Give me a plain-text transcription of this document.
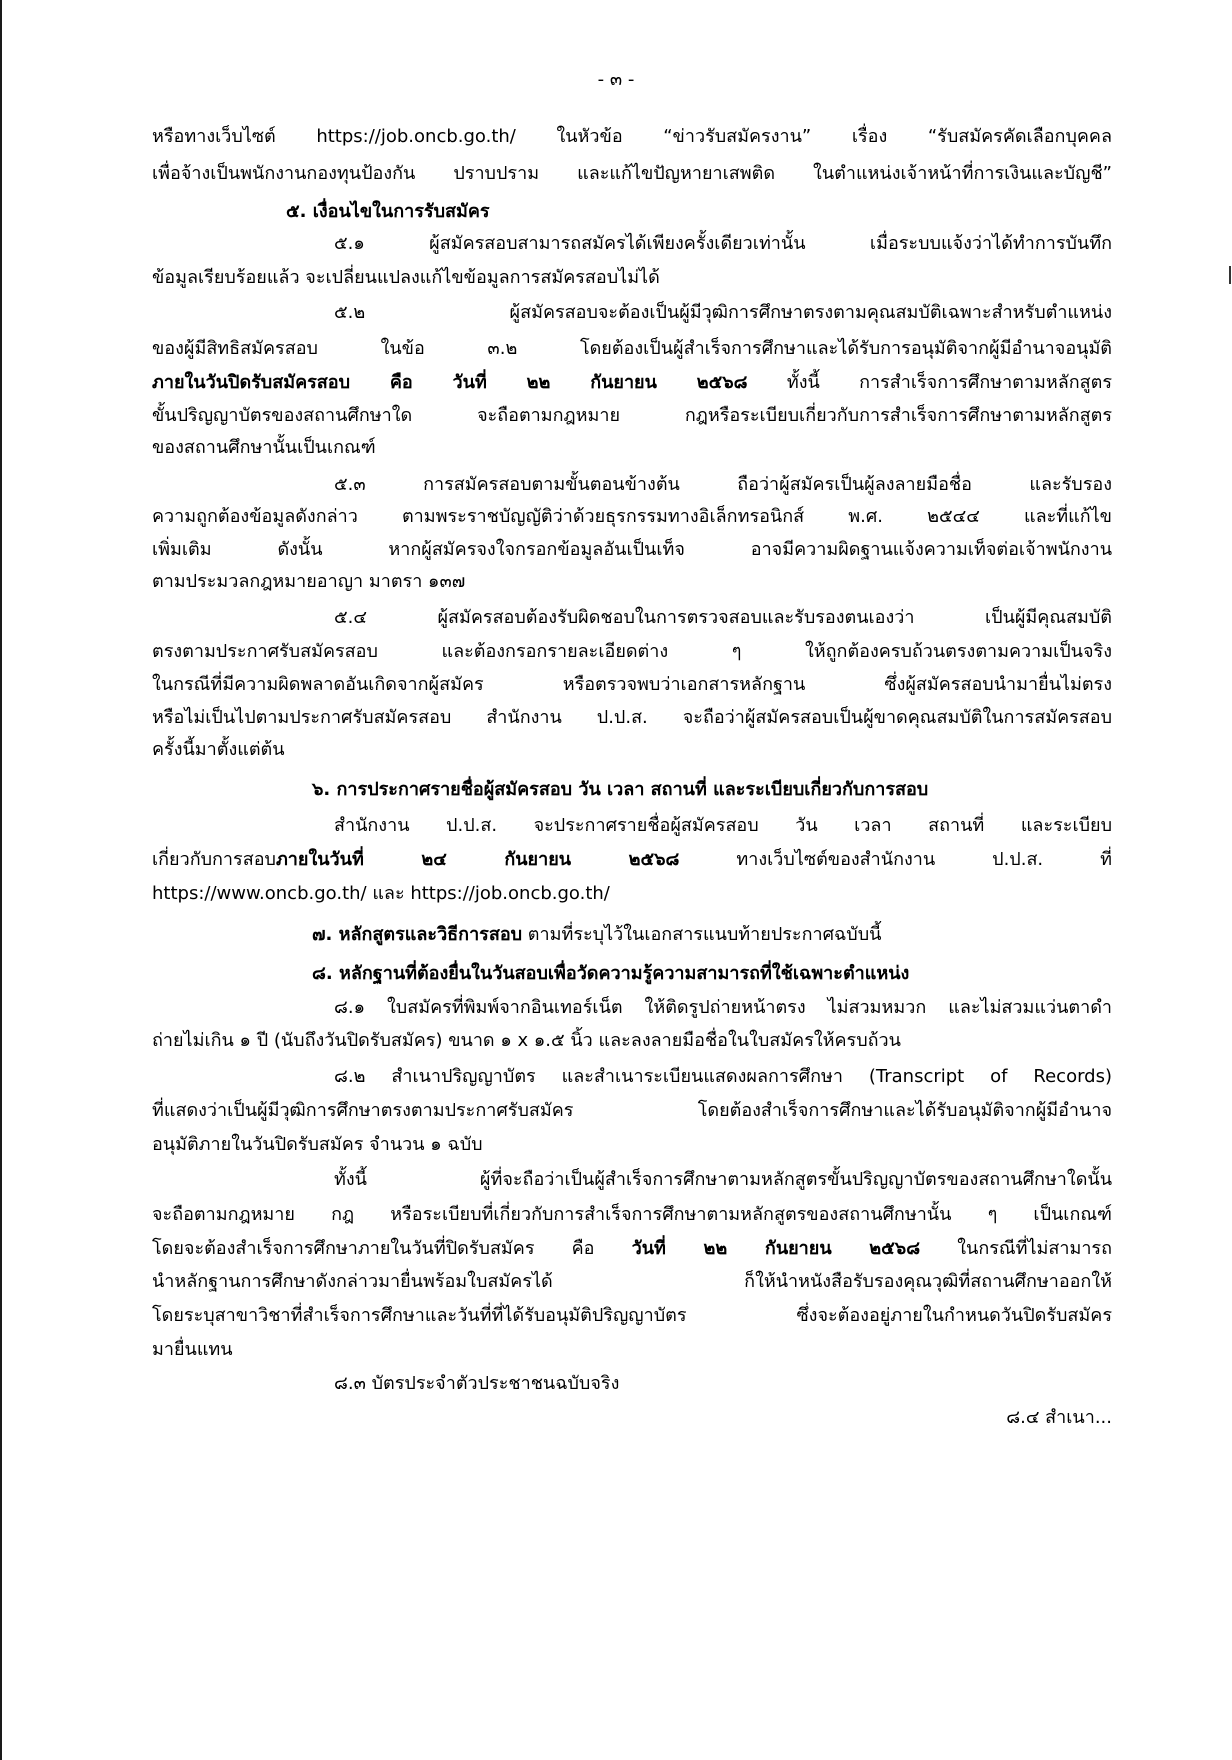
- ๓ -
หรือทางเว็บไซต์ https://job.oncb.go.th/ ในหัวข้อ “ข่าวรับสมัครงาน” เรื่อง “รับสมัครคัดเลือกบุคคล
เพื่อจ้างเป็นพนักงานกองทุนป้องกัน ปราบปราม และแก้ไขปัญหายาเสพติด ในตำแหน่งเจ้าหน้าที่การเงินและบัญชี”
๕. เงื่อนไขในการรับสมัคร
๕.๑ ผู้สมัครสอบสามารถสมัครได้เพียงครั้งเดียวเท่านั้น เมื่อระบบแจ้งว่าได้ทำการบันทึก
ข้อมูลเรียบร้อยแล้ว จะเปลี่ยนแปลงแก้ไขข้อมูลการสมัครสอบไม่ได้
๕.๒ ผู้สมัครสอบจะต้องเป็นผู้มีวุฒิการศึกษาตรงตามคุณสมบัติเฉพาะสำหรับตำแหน่ง
ของผู้มีสิทธิสมัครสอบ ในข้อ ๓.๒ โดยต้องเป็นผู้สำเร็จการศึกษาและได้รับการอนุมัติจากผู้มีอำนาจอนุมัติ
ภายในวันปิดรับสมัครสอบ คือ วันที่ ๒๒ กันยายน ๒๕๖๘ ทั้งนี้ การสำเร็จการศึกษาตามหลักสูตร
ขั้นปริญญาบัตรของสถานศึกษาใด จะถือตามกฎหมาย กฎหรือระเบียบเกี่ยวกับการสำเร็จการศึกษาตามหลักสูตร
ของสถานศึกษานั้นเป็นเกณฑ์
๕.๓ การสมัครสอบตามขั้นตอนข้างต้น ถือว่าผู้สมัครเป็นผู้ลงลายมือชื่อ และรับรอง
ความถูกต้องข้อมูลดังกล่าว ตามพระราชบัญญัติว่าด้วยธุรกรรมทางอิเล็กทรอนิกส์ พ.ศ. ๒๕๔๔ และที่แก้ไข
เพิ่มเติม ดังนั้น หากผู้สมัครจงใจกรอกข้อมูลอันเป็นเท็จ อาจมีความผิดฐานแจ้งความเท็จต่อเจ้าพนักงาน
ตามประมวลกฎหมายอาญา มาตรา ๑๓๗
๕.๔ ผู้สมัครสอบต้องรับผิดชอบในการตรวจสอบและรับรองตนเองว่า เป็นผู้มีคุณสมบัติ
ตรงตามประกาศรับสมัครสอบ และต้องกรอกรายละเอียดต่าง ๆ ให้ถูกต้องครบถ้วนตรงตามความเป็นจริง
ในกรณีที่มีความผิดพลาดอันเกิดจากผู้สมัคร หรือตรวจพบว่าเอกสารหลักฐาน ซึ่งผู้สมัครสอบนำมายื่นไม่ตรง
หรือไม่เป็นไปตามประกาศรับสมัครสอบ สำนักงาน ป.ป.ส. จะถือว่าผู้สมัครสอบเป็นผู้ขาดคุณสมบัติในการสมัครสอบ
ครั้งนี้มาตั้งแต่ต้น
๖. การประกาศรายชื่อผู้สมัครสอบ วัน เวลา สถานที่ และระเบียบเกี่ยวกับการสอบ
สำนักงาน ป.ป.ส. จะประกาศรายชื่อผู้สมัครสอบ วัน เวลา สถานที่ และระเบียบ
เกี่ยวกับการสอบภายในวันที่ ๒๔ กันยายน ๒๕๖๘ ทางเว็บไซต์ของสำนักงาน ป.ป.ส. ที่
https://www.oncb.go.th/ และ https://job.oncb.go.th/
๗. หลักสูตรและวิธีการสอบ ตามที่ระบุไว้ในเอกสารแนบท้ายประกาศฉบับนี้
๘. หลักฐานที่ต้องยื่นในวันสอบเพื่อวัดความรู้ความสามารถที่ใช้เฉพาะตำแหน่ง
๘.๑ ใบสมัครที่พิมพ์จากอินเทอร์เน็ต ให้ติดรูปถ่ายหน้าตรง ไม่สวมหมวก และไม่สวมแว่นตาดำ
ถ่ายไม่เกิน ๑ ปี (นับถึงวันปิดรับสมัคร) ขนาด ๑ x ๑.๕ นิ้ว และลงลายมือชื่อในใบสมัครให้ครบถ้วน
๘.๒ สำเนาปริญญาบัตร และสำเนาระเบียนแสดงผลการศึกษา (Transcript of Records)
ที่แสดงว่าเป็นผู้มีวุฒิการศึกษาตรงตามประกาศรับสมัคร โดยต้องสำเร็จการศึกษาและได้รับอนุมัติจากผู้มีอำนาจ
อนุมัติภายในวันปิดรับสมัคร จำนวน ๑ ฉบับ
ทั้งนี้ ผู้ที่จะถือว่าเป็นผู้สำเร็จการศึกษาตามหลักสูตรขั้นปริญญาบัตรของสถานศึกษาใดนั้น
จะถือตามกฎหมาย กฎ หรือระเบียบที่เกี่ยวกับการสำเร็จการศึกษาตามหลักสูตรของสถานศึกษานั้น ๆ เป็นเกณฑ์
โดยจะต้องสำเร็จการศึกษาภายในวันที่ปิดรับสมัคร คือ วันที่ ๒๒ กันยายน ๒๕๖๘ ในกรณีที่ไม่สามารถ
นำหลักฐานการศึกษาดังกล่าวมายื่นพร้อมใบสมัครได้ ก็ให้นำหนังสือรับรองคุณวุฒิที่สถานศึกษาออกให้
โดยระบุสาขาวิชาที่สำเร็จการศึกษาและวันที่ที่ได้รับอนุมัติปริญญาบัตร ซึ่งจะต้องอยู่ภายในกำหนดวันปิดรับสมัคร
มายื่นแทน
๘.๓ บัตรประจำตัวประชาชนฉบับจริง
๘.๔ สำเนา...
